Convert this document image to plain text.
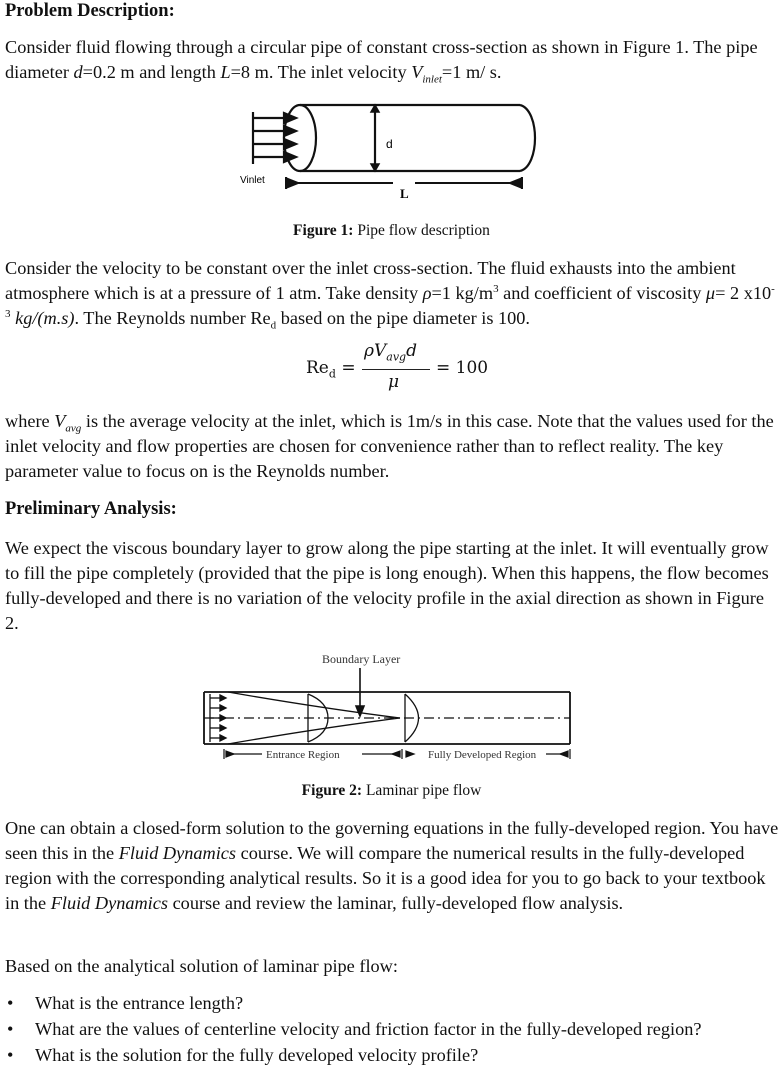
Problem Description:

Consider fluid flowing through a circular pipe of constant cross-section as shown in Figure 1. The pipe diameter d=0.2 m and length L=8 m. The inlet velocity $V_{inlet}=1$ m/ s.

d
L
Vinlet

Figure 1: Pipe flow description

Consider the velocity to be constant over the inlet cross-section. The fluid exhausts into the ambient atmosphere which is at a pressure of 1 atm. Take density ρ=1 $kg/m^3$ and coefficient of viscosity μ= 2 $x10^{-3}$ kg/(m.s). The Reynolds number $Re_d$ based on the pipe diameter is 100.

$Re_d$ =
$\rho V_{avg}d$
μ
= 100

where $V_{avg}$ is the average velocity at the inlet, which is 1m/s in this case. Note that the values used for the inlet velocity and flow properties are chosen for convenience rather than to reflect reality. The key parameter value to focus on is the Reynolds number.

Preliminary Analysis:

We expect the viscous boundary layer to grow along the pipe starting at the inlet. It will eventually grow to fill the pipe completely (provided that the pipe is long enough). When this happens, the flow becomes fully-developed and there is no variation of the velocity profile in the axial direction as shown in Figure 2.

Boundary Layer
Entrance Region	Fully Developed Region

Figure 2: Laminar pipe flow

One can obtain a closed-form solution to the governing equations in the fully-developed region. You have seen this in the Fluid Dynamics course. We will compare the numerical results in the fully-developed region with the corresponding analytical results. So it is a good idea for you to go back to your textbook in the Fluid Dynamics course and review the laminar, fully-developed flow analysis.

Based on the analytical solution of laminar pipe flow:

• What is the entrance length?
• What are the values of centerline velocity and friction factor in the fully-developed region?
• What is the solution for the fully developed velocity profile?
